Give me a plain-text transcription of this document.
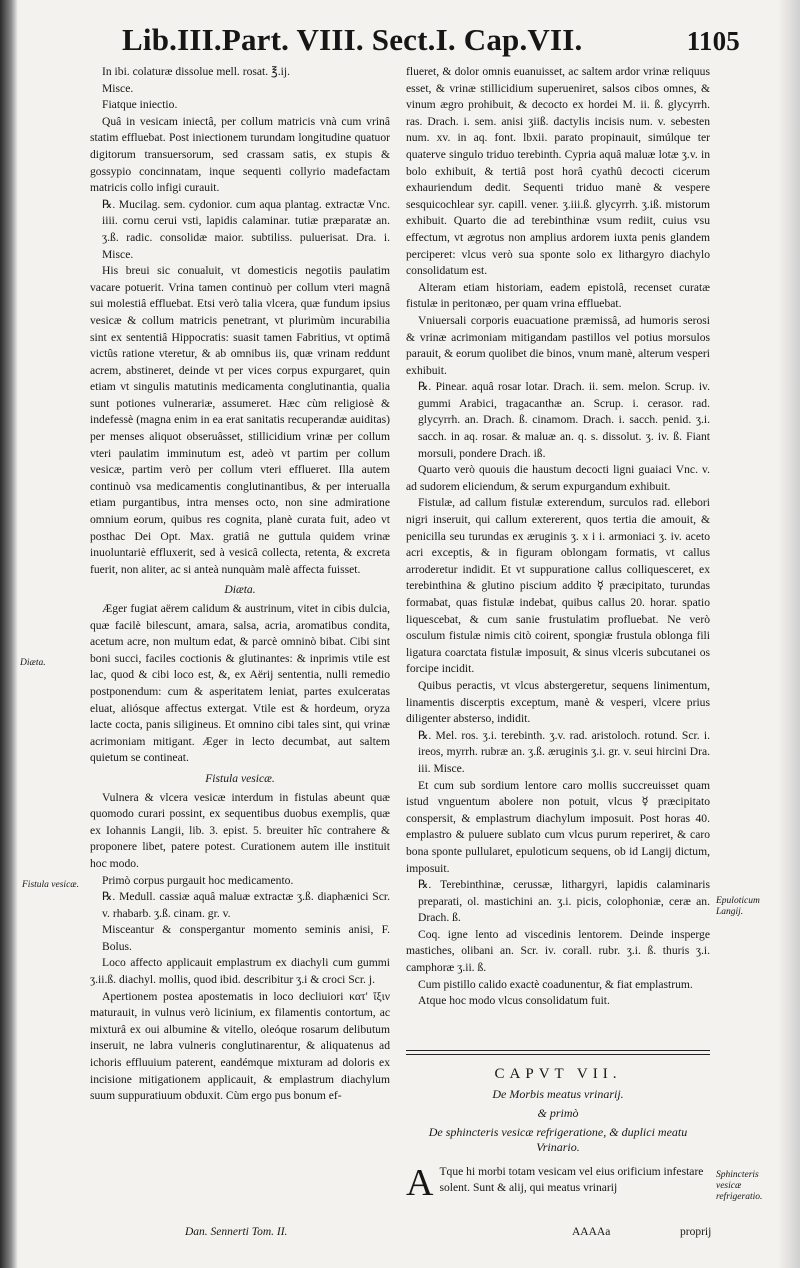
Lib.III.Part. VIII. Sect.I. Cap.VII.	1105

In ibi. colaturæ dissolue mell. rosat. ℥.ij.

Misce.

Fiatque iniectio.

Quâ in vesicam iniectâ, per collum matricis vnà cum vrinâ statim effluebat. Post iniectionem turundam longitudine quatuor digitorum transuersorum, sed crassam satis, ex stupis & gossypio concinnatam, inque sequenti collyrio madefactam matricis collo infigi curauit.

℞. Mucilag. sem. cydonior. cum aqua plantag. extractæ Vnc. iiii. cornu cerui vsti, lapidis calaminar. tutiæ præparatæ an. ʒ.ß. radic. consolidæ maior. subtiliss. puluerisat. Dra. i. Misce.

His breui sic conualuit, vt domesticis negotiis paulatim vacare potuerit. Vrina tamen continuò per collum vteri magnâ sui molestiâ effluebat. Etsi verò talia vlcera, quæ fundum ipsius vesicæ & collum matricis penetrant, vt plurimùm incurabilia sint ex sententiâ Hippocratis: suasit tamen Fabritius, vt optimâ victûs ratione vteretur, & ab omnibus iis, quæ vrinam reddunt acrem, abstineret, deinde vt per vices corpus expurgaret, quin etiam vt singulis matutinis medicamenta conglutinantia, qualia sunt potiones vulnerariæ, assumeret. Hæc cùm religiosè & indefessè (magna enim in ea erat sanitatis recuperandæ auiditas) per menses aliquot obseruâsset, stillicidium vrinæ per collum vteri paulatim imminutum est, adeò vt partim per collum vesicæ, partim verò per collum vteri efflueret. Illa autem continuò vsa medicamentis conglutinantibus, & per interualla etiam purgantibus, intra menses octo, non sine admiratione omnium eorum, quibus res cognita, planè curata fuit, adeo vt posthac Dei Opt. Max. gratiâ ne guttula quidem vrinæ inuoluntariè effluxerit, sed à vesicâ collecta, retenta, & excreta fuerit, non aliter, ac si anteà nunquàm malè affecta fuisset.

Diæta.

Æger fugiat aërem calidum & austrinum, vitet in cibis dulcia, quæ facilè bilescunt, amara, salsa, acria, aromatibus condita, acetum acre, non multum edat, & parcè omninò bibat. Cibi sint boni succi, faciles coctionis & glutinantes: & inprimis vtile est lac, quod & cibi loco est, &, ex Aërij sententia, nulli remedio postponendum: cum & asperitatem leniat, partes exulceratas eluat, aliósque affectus extergat. Vtile est & hordeum, oryza lacte cocta, panis siligineus. Et omnino cibi tales sint, qui vrinæ acrimoniam mitigant. Æger in lecto decumbat, aut saltem quietum se contineat.

Fistula vesicæ.

Vulnera & vlcera vesicæ interdum in fistulas abeunt quæ quomodo curari possint, ex sequentibus duobus exemplis, quæ ex Iohannis Langii, lib. 3. epist. 5. breuiter hîc contrahere & proponere libet, patere potest. Curationem autem ille instituit hoc modo.

Primò corpus purgauit hoc medicamento.

℞. Medull. cassiæ aquâ maluæ extractæ ʒ.ß. diaphænici Scr. v. rhabarb. ʒ.ß. cinam. gr. v.

Misceantur & conspergantur momento seminis anisi, F. Bolus.

Loco affecto applicauit emplastrum ex diachyli cum gummi ʒ.ii.ß. diachyl. mollis, quod ibid. describitur ʒ.i & croci Scr. j.

Apertionem postea apostematis in loco decliuiori κατ' ἴξιν maturauit, in vulnus verò licinium, ex filamentis contortum, ac mixturâ ex oui albumine & vitello, oleóque rosarum delibutum inseruit, ne labra vulneris conglutinarentur, & aliquatenus ad ichoris effluuium paterent, eandémque mixturam ad doloris ex incisione mitigationem applicauit, & emplastrum diachylum suum suppuratiuum obduxit. Cùm ergo pus bonum ef-

flueret, & dolor omnis euanuisset, ac saltem ardor vrinæ reliquus esset, & vrinæ stillicidium superueniret, salsos cibos omnes, & vinum ægro prohibuit, & decocto ex hordei M. ii. ß. glycyrrh. ras. Drach. i. sem. anisi ʒiiß. dactylis incisis num. v. sebesten num. xv. in aq. font. lbxii. parato propinauit, simúlque ter quaterve singulo triduo terebinth. Cypria aquâ maluæ lotæ ʒ.v. in bolo exhibuit, & tertiâ post horâ cyathû decocti cicerum exhauriendum dedit. Sequenti triduo manè & vespere sesquicochlear syr. capill. vener. ʒ.iii.ß. glycyrrh. ʒ.iß. mistorum exhibuit. Quarto die ad terebinthinæ vsum rediit, cuius vsu effectum, vt ægrotus non amplius ardorem iuxta penis glandem perciperet: vlcus verò sua sponte solo ex lithargyro diachylo consolidatum est.

Alteram etiam historiam, eadem epistolâ, recenset curatæ fistulæ in peritonæo, per quam vrina effluebat.

Vniuersali corporis euacuatione præmissâ, ad humoris serosi & vrinæ acrimoniam mitigandam pastillos vel potius morsulos parauit, & eorum quolibet die binos, vnum manè, alterum vesperi exhibuit.

℞. Pinear. aquâ rosar lotar. Drach. ii. sem. melon. Scrup. iv. gummi Arabici, tragacanthæ an. Scrup. i. cerasor. rad. glycyrrh. an. Drach. ß. cinamom. Drach. i. sacch. penid. ʒ.i. sacch. in aq. rosar. & maluæ an. q. s. dissolut. ʒ. iv. ß. Fiant morsuli, pondere Drach. iß.

Quarto verò quouis die haustum decocti ligni guaiaci Vnc. v. ad sudorem eliciendum, & serum expurgandum exhibuit.

Fistulæ, ad callum fistulæ exterendum, surculos rad. ellebori nigri inseruit, qui callum extererent, quos tertia die amouit, & penicilla seu turundas ex æruginis ʒ. x i i. armoniaci ʒ. iv. aceto acri exceptis, & in figuram oblongam formatis, vt callus arroderetur indidit. Et vt suppuratione callus colliquesceret, ex terebinthina & glutino piscium addito ☿ præcipitato, turundas formabat, quas fistulæ indebat, quibus callus 20. horar. spatio liquescebat, & cum sanie frustulatim profluebat. Ne verò osculum fistulæ nimis citò coirent, spongiæ frustula oblonga fili ligatura coarctata fistulæ imposuit, & sinus vlceris subcutanei os forcipe incidit.

Quibus peractis, vt vlcus abstergeretur, sequens linimentum, linamentis discerptis exceptum, manè & vesperi, vlcere prius diligenter absterso, indidit.

℞. Mel. ros. ʒ.i. terebinth. ʒ.v. rad. aristoloch. rotund. Scr. i. ireos, myrrh. rubræ an. ʒ.ß. æruginis ʒ.i. gr. v. seui hircini Dra. iii. Misce.

Et cum sub sordium lentore caro mollis succreuisset quam istud vnguentum abolere non potuit, vlcus ☿ præcipitato conspersit, & emplastrum diachylum imposuit. Post horas 40. emplastro & puluere sublato cum vlcus purum reperiret, & caro bona sponte pullularet, epuloticum sequens, ob id Langij dictum, imposuit.

℞. Terebinthinæ, cerussæ, lithargyri, lapidis calaminaris preparati, ol. mastichini an. ʒ.i. picis, colophoniæ, ceræ an. Drach. ß.

Coq. igne lento ad viscedinis lentorem. Deinde insperge mastiches, olibani an. Scr. iv. corall. rubr. ʒ.i. ß. thuris ʒ.i. camphoræ ʒ.ii. ß.

Cum pistillo calido exactè coadunentur, & fiat emplastrum.

Atque hoc modo vlcus consolidatum fuit.

Diæta.
Fistula vesicæ.
Epuloticum Langij.
Sphincteris vesicæ refrigeratio.
CAPVT VII.
De Morbis meatus vrinarij.
& primò
De sphincteris vesicæ refrigeratione, & duplici meatu Vrinario.
A Tque hi morbi totam vesicam vel eius orificium infestare solent. Sunt & alij, qui meatus vrinarij
Dan. Sennerti Tom. II.	AAAAa	proprij
